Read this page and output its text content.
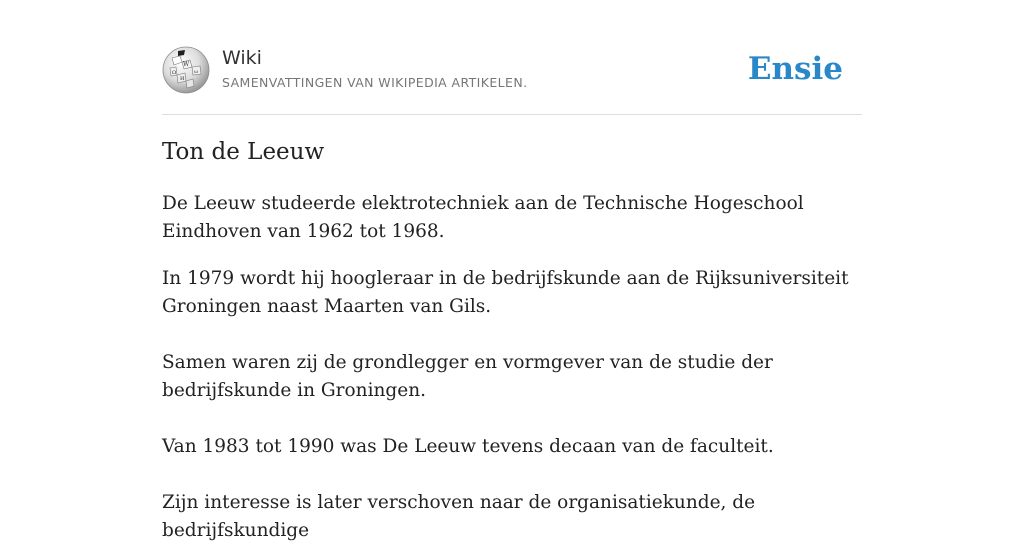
W
Ω
И
ω
Wiki
SAMENVATTINGEN VAN WIKIPEDIA ARTIKELEN.	Ensie
Ton de Leeuw

De Leeuw studeerde elektrotechniek aan de Technische Hogeschool Eindhoven van 1962 tot 1968.

In 1979 wordt hij hoogleraar in de bedrijfskunde aan de Rijksuniversiteit Groningen naast Maarten van Gils.

Samen waren zij de grondlegger en vormgever van de studie der bedrijfskunde in Groningen.

Van 1983 tot 1990 was De Leeuw tevens decaan van de faculteit.

Zijn interesse is later verschoven naar de organisatiekunde, de bedrijfskundige
